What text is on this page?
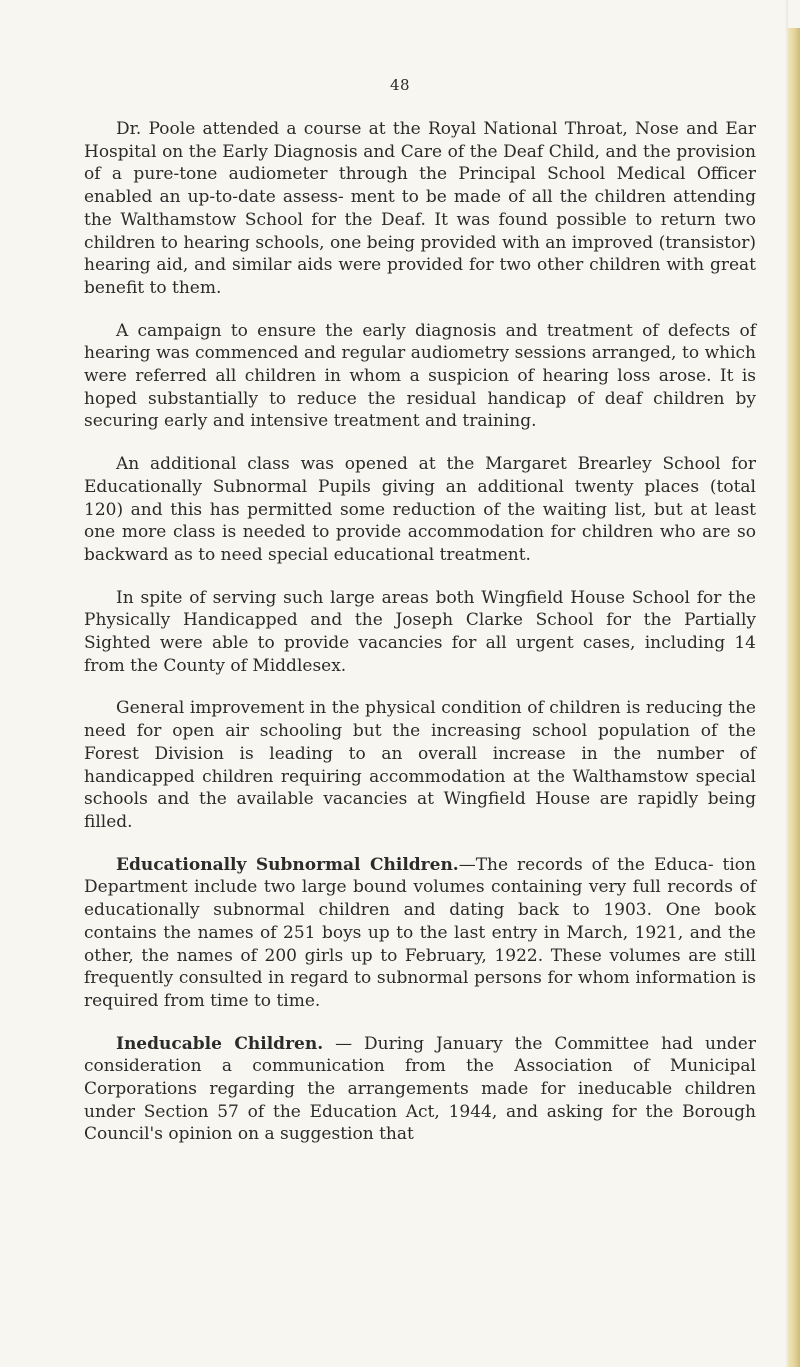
48

Dr. Poole attended a course at the Royal National Throat, Nose and Ear Hospital on the Early Diagnosis and Care of the Deaf Child, and the provision of a pure-tone audiometer through the Principal School Medical Officer enabled an up-to-date assess- ment to be made of all the children attending the Walthamstow School for the Deaf. It was found possible to return two children to hearing schools, one being provided with an improved (transistor) hearing aid, and similar aids were provided for two other children with great benefit to them.

A campaign to ensure the early diagnosis and treatment of defects of hearing was commenced and regular audiometry sessions arranged, to which were referred all children in whom a suspicion of hearing loss arose. It is hoped substantially to reduce the residual handicap of deaf children by securing early and intensive treatment and training.

An additional class was opened at the Margaret Brearley School for Educationally Subnormal Pupils giving an additional twenty places (total 120) and this has permitted some reduction of the waiting list, but at least one more class is needed to provide accommodation for children who are so backward as to need special educational treatment.

In spite of serving such large areas both Wingfield House School for the Physically Handicapped and the Joseph Clarke School for the Partially Sighted were able to provide vacancies for all urgent cases, including 14 from the County of Middlesex.

General improvement in the physical condition of children is reducing the need for open air schooling but the increasing school population of the Forest Division is leading to an overall increase in the number of handicapped children requiring accommodation at the Walthamstow special schools and the available vacancies at Wingfield House are rapidly being filled.

Educationally Subnormal Children.—The records of the Educa- tion Department include two large bound volumes containing very full records of educationally subnormal children and dating back to 1903. One book contains the names of 251 boys up to the last entry in March, 1921, and the other, the names of 200 girls up to February, 1922. These volumes are still frequently consulted in regard to subnormal persons for whom information is required from time to time.

Ineducable Children. — During January the Committee had under consideration a communication from the Association of Municipal Corporations regarding the arrangements made for ineducable children under Section 57 of the Education Act, 1944, and asking for the Borough Council's opinion on a suggestion that
